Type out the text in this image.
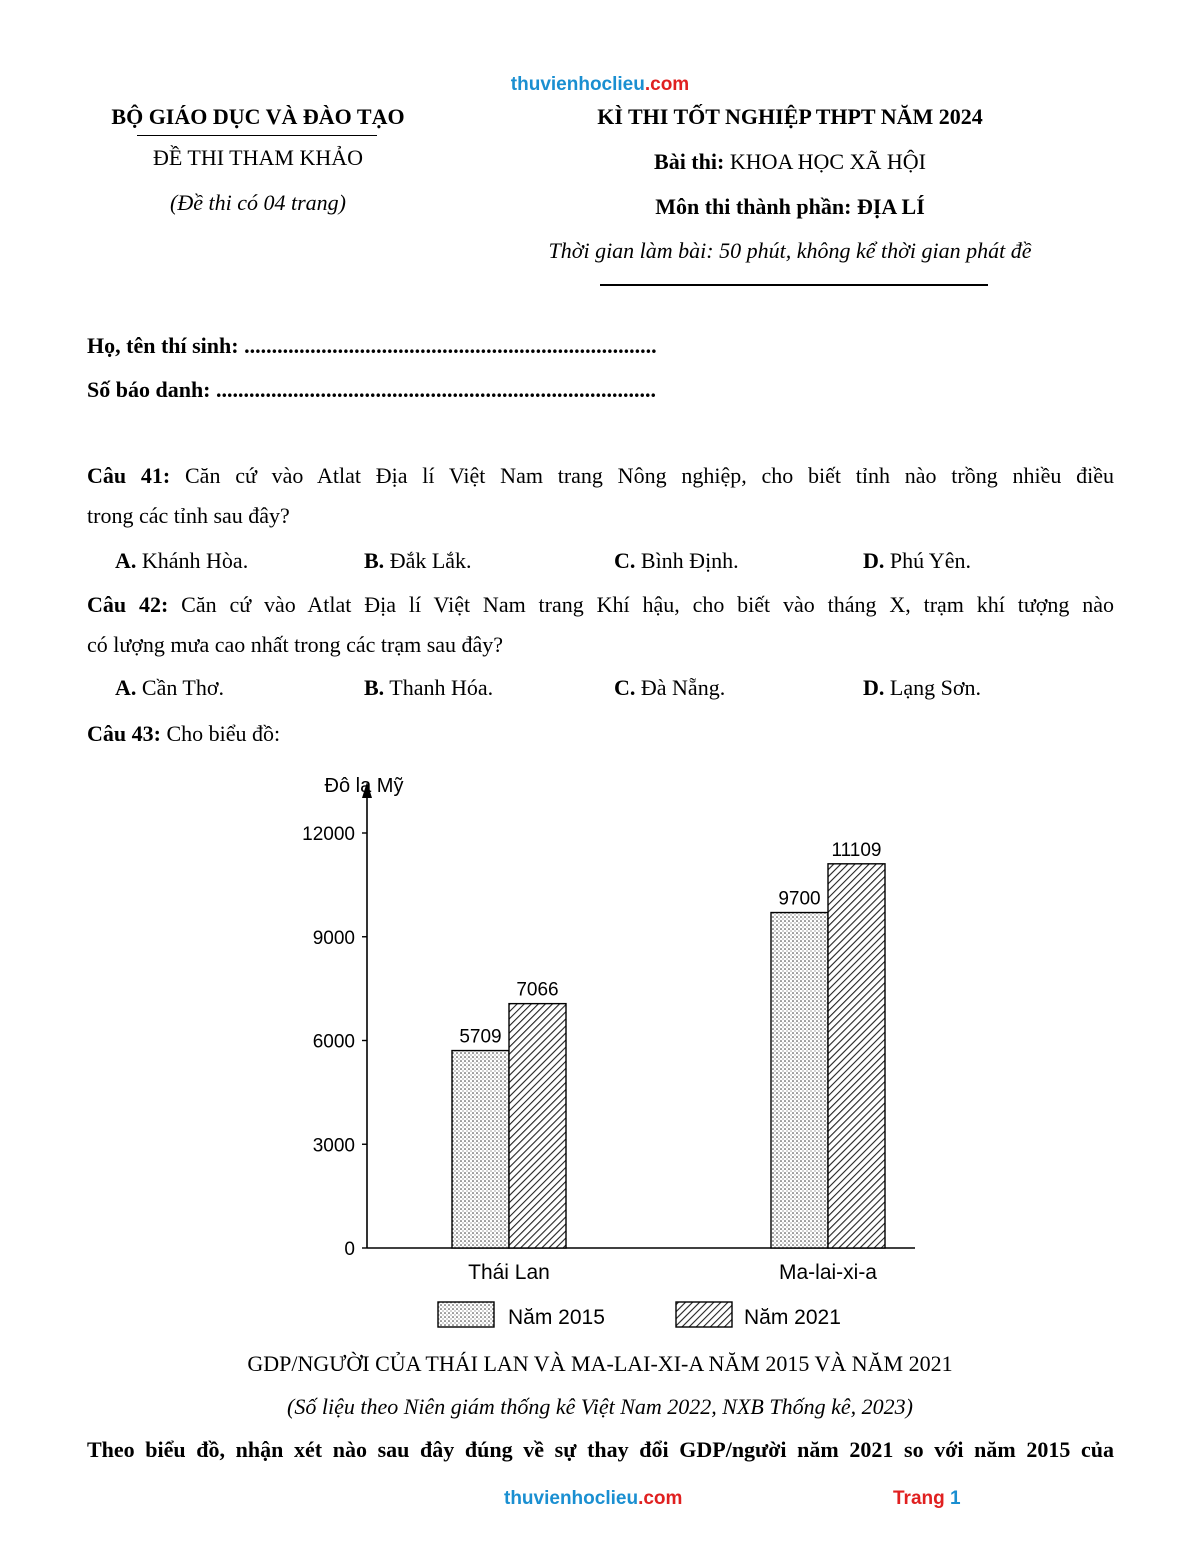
thuvienhoclieu.com
BỘ GIÁO DỤC VÀ ĐÀO TẠO
ĐỀ THI THAM KHẢO
(Đề thi có 04 trang)
KÌ THI TỐT NGHIỆP THPT NĂM 2024
Bài thi: KHOA HỌC XÃ HỘI
Môn thi thành phần: ĐỊA LÍ
Thời gian làm bài: 50 phút, không kể thời gian phát đề
Họ, tên thí sinh: ...........................................................................
Số báo danh: ................................................................................
Câu 41: Căn cứ vào Atlat Địa lí Việt Nam trang Nông nghiệp, cho biết tỉnh nào trồng nhiều điều
trong các tỉnh sau đây?
A. Khánh Hòa.	B. Đắk Lắk.	C. Bình Định.	D. Phú Yên.
Câu 42: Căn cứ vào Atlat Địa lí Việt Nam trang Khí hậu, cho biết vào tháng X, trạm khí tượng nào
có lượng mưa cao nhất trong các trạm sau đây?
A. Cần Thơ.	B. Thanh Hóa.	C. Đà Nẵng.	D. Lạng Sơn.
Câu 43: Cho biểu đồ:
Đô la Mỹ
0
3000
6000
9000
12000
5709
7066
Thái Lan
9700
11109
Ma-lai-xi-a
Năm 2015	Năm 2021
GDP/NGƯỜI CỦA THÁI LAN VÀ MA-LAI-XI-A NĂM 2015 VÀ NĂM 2021
(Số liệu theo Niên giám thống kê Việt Nam 2022, NXB Thống kê, 2023)
Theo biểu đồ, nhận xét nào sau đây đúng về sự thay đổi GDP/người năm 2021 so với năm 2015 của
thuvienhoclieu.com	Trang 1
